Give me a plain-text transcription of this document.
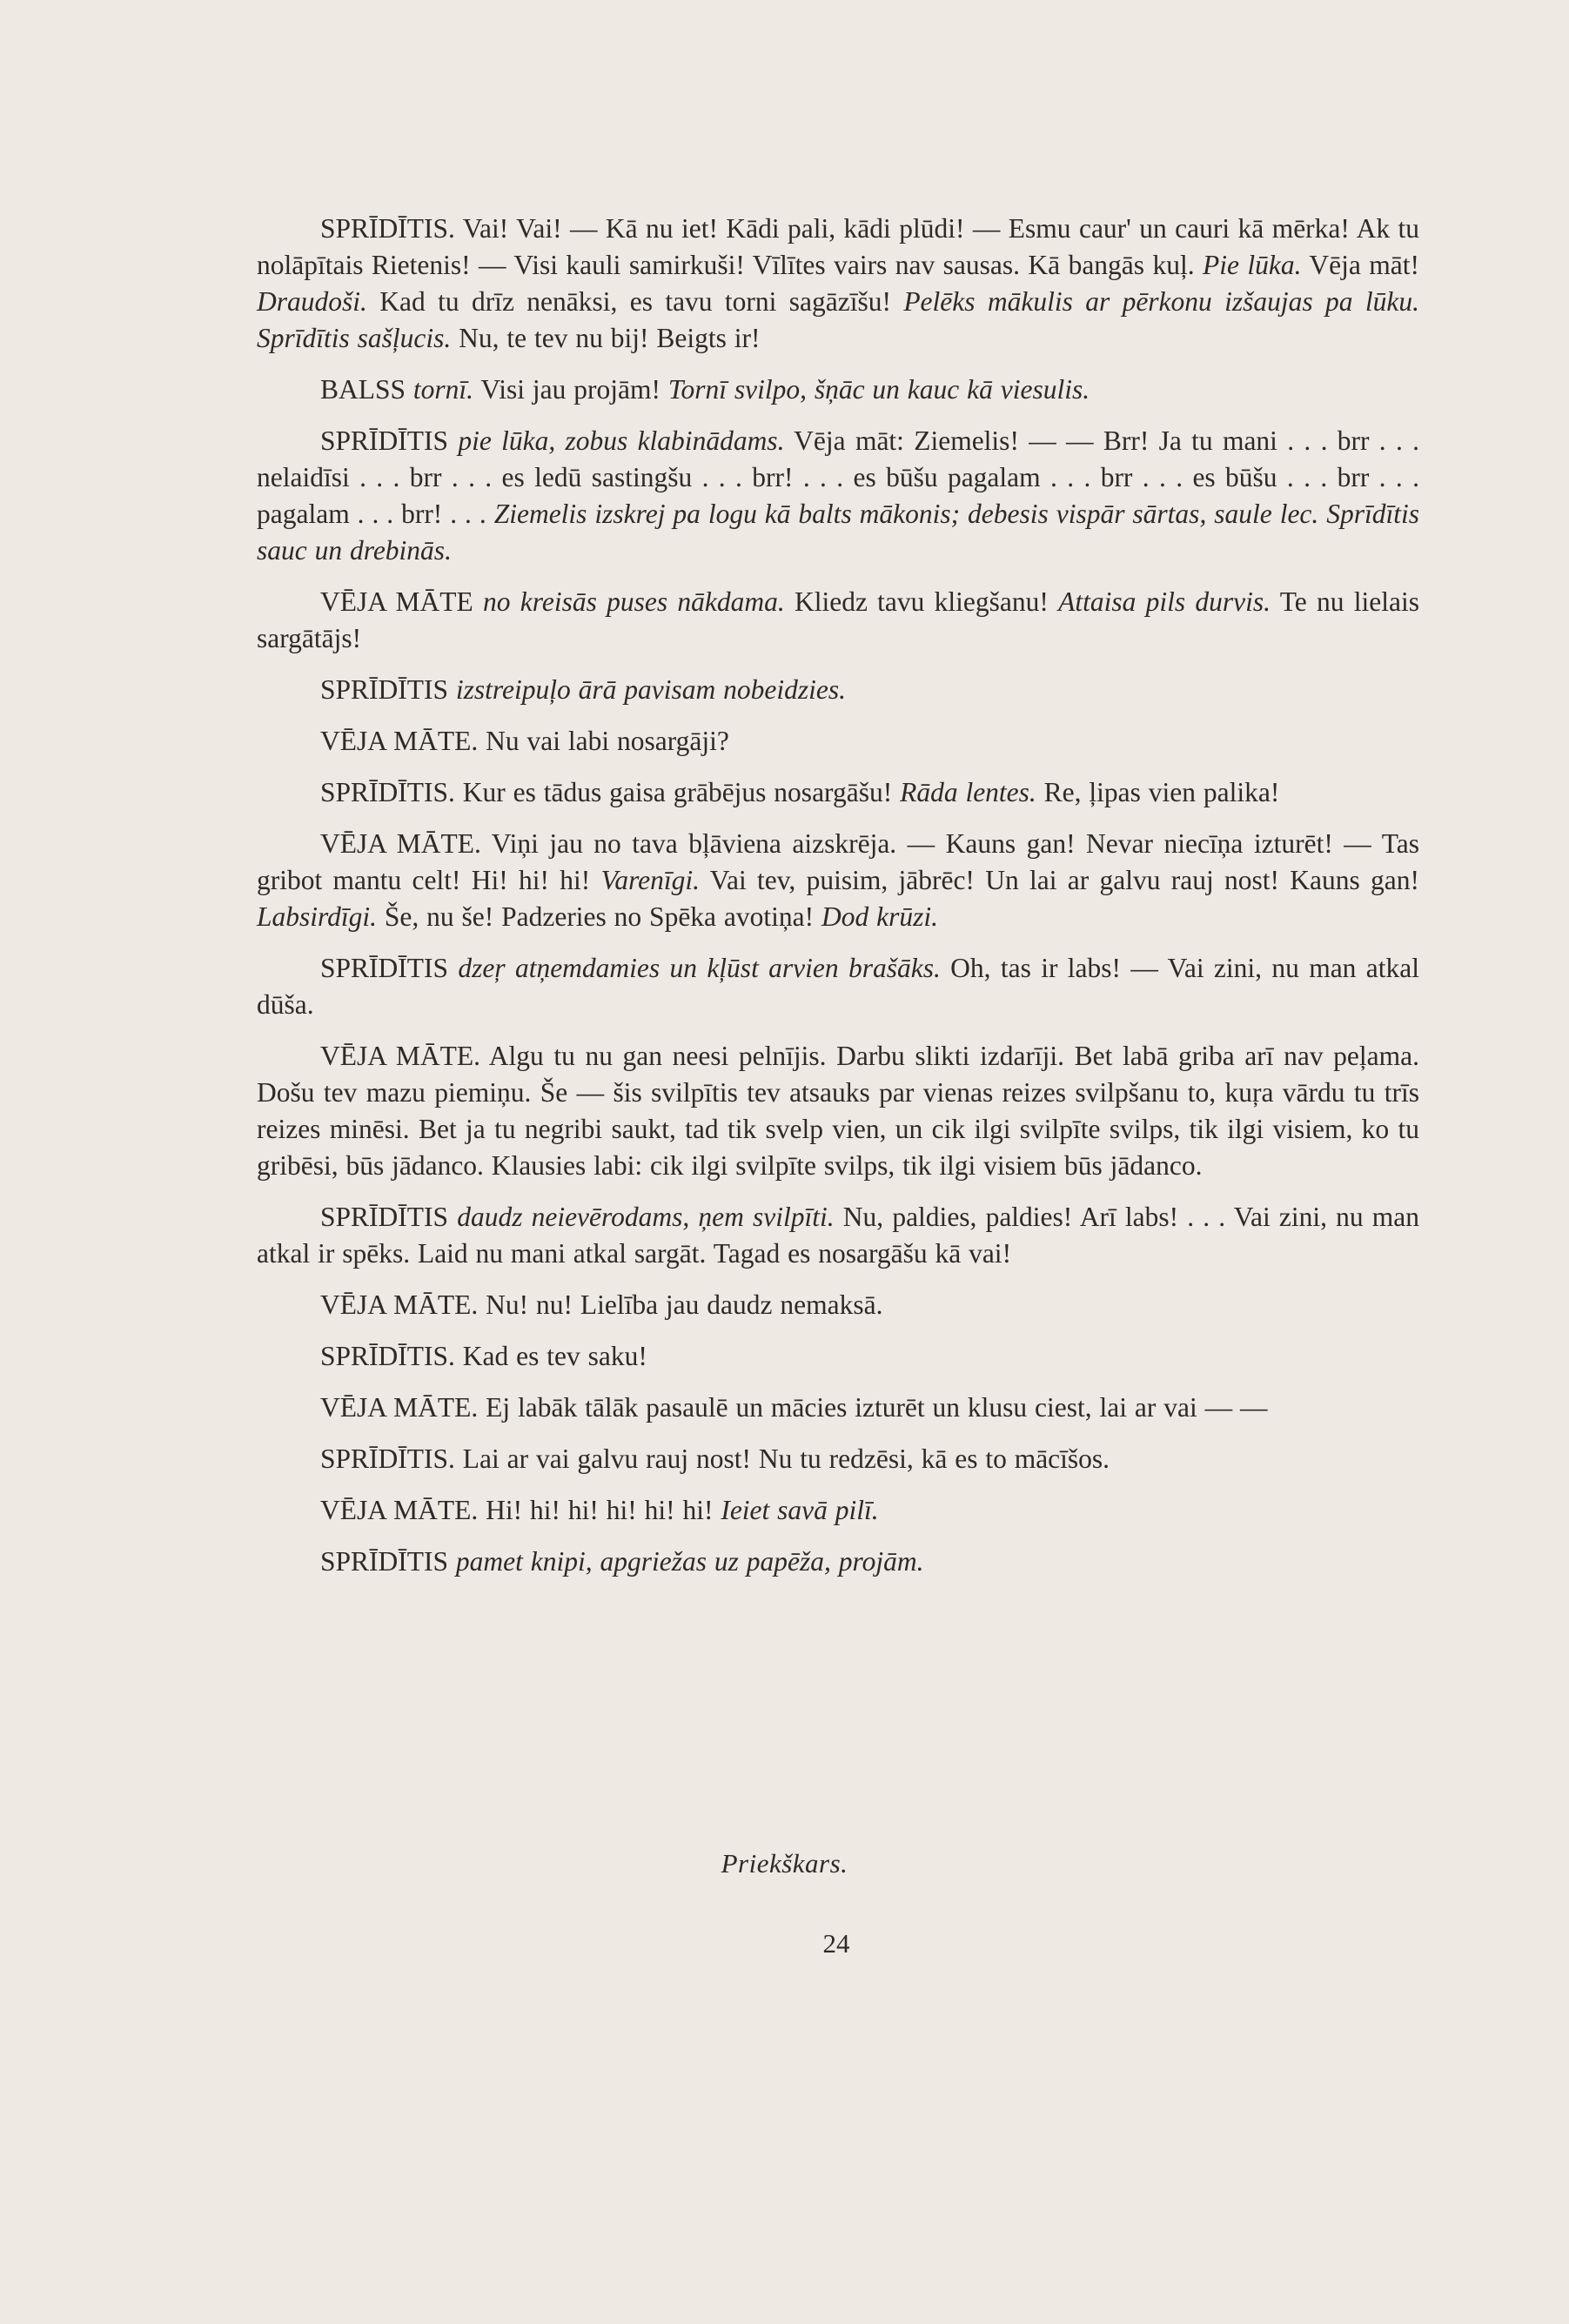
SPRĪDĪTIS. Vai! Vai! — Kā nu iet! Kādi pali, kādi plūdi! — Esmu caur' un cauri kā mērka! Ak tu nolāpītais Rietenis! — Visi kauli samirkuši! Vīlītes vairs nav sausas. Kā bangās kuļ. Pie lūka. Vēja māt! Draudoši. Kad tu drīz nenāksi, es tavu torni sagāzīšu! Pelēks mākulis ar pērkonu izšaujas pa lūku. Sprīdītis sašļucis. Nu, te tev nu bij! Beigts ir!

BALSS tornī. Visi jau projām! Tornī svilpo, šņāc un kauc kā viesulis.

SPRĪDĪTIS pie lūka, zobus klabinādams. Vēja māt: Ziemelis! — — Brr! Ja tu mani . . . brr . . . nelaidīsi . . . brr . . . es ledū sastingšu . . . brr! . . . es būšu pagalam . . . brr . . . es būšu . . . brr . . . pagalam . . . brr! . . . Ziemelis izskrej pa logu kā balts mākonis; debesis vispār sārtas, saule lec. Sprīdītis sauc un drebinās.

VĒJA MĀTE no kreisās puses nākdama. Kliedz tavu kliegšanu! Attaisa pils durvis. Te nu lielais sargātājs!

SPRĪDĪTIS izstreipuļo ārā pavisam nobeidzies.

VĒJA MĀTE. Nu vai labi nosargāji?

SPRĪDĪTIS. Kur es tādus gaisa grābējus nosargāšu! Rāda lentes. Re, ļipas vien palika!

VĒJA MĀTE. Viņi jau no tava bļāviena aizskrēja. — Kauns gan! Nevar niecīņa izturēt! — Tas gribot mantu celt! Hi! hi! hi! Varenīgi. Vai tev, puisim, jābrēc! Un lai ar galvu rauj nost! Kauns gan! Labsirdīgi. Še, nu še! Padzeries no Spēka avotiņa! Dod krūzi.

SPRĪDĪTIS dzeŗ atņemdamies un kļūst arvien brašāks. Oh, tas ir labs! — Vai zini, nu man atkal dūša.

VĒJA MĀTE. Algu tu nu gan neesi pelnījis. Darbu slikti izdarīji. Bet labā griba arī nav peļama. Došu tev mazu piemiņu. Še — šis svilpītis tev atsauks par vienas reizes svilpšanu to, kuŗa vārdu tu trīs reizes minēsi. Bet ja tu negribi saukt, tad tik svelp vien, un cik ilgi svilpīte svilps, tik ilgi visiem, ko tu gribēsi, būs jādanco. Klausies labi: cik ilgi svilpīte svilps, tik ilgi visiem būs jādanco.

SPRĪDĪTIS daudz neievērodams, ņem svilpīti. Nu, paldies, paldies! Arī labs! . . . Vai zini, nu man atkal ir spēks. Laid nu mani atkal sargāt. Tagad es nosargāšu kā vai!

VĒJA MĀTE. Nu! nu! Lielība jau daudz nemaksā.

SPRĪDĪTIS. Kad es tev saku!

VĒJA MĀTE. Ej labāk tālāk pasaulē un mācies izturēt un klusu ciest, lai ar vai — —

SPRĪDĪTIS. Lai ar vai galvu rauj nost! Nu tu redzēsi, kā es to mācīšos.

VĒJA MĀTE. Hi! hi! hi! hi! hi! hi! Ieiet savā pilī.

SPRĪDĪTIS pamet knipi, apgriežas uz papēža, projām.

Priekškars.
24
